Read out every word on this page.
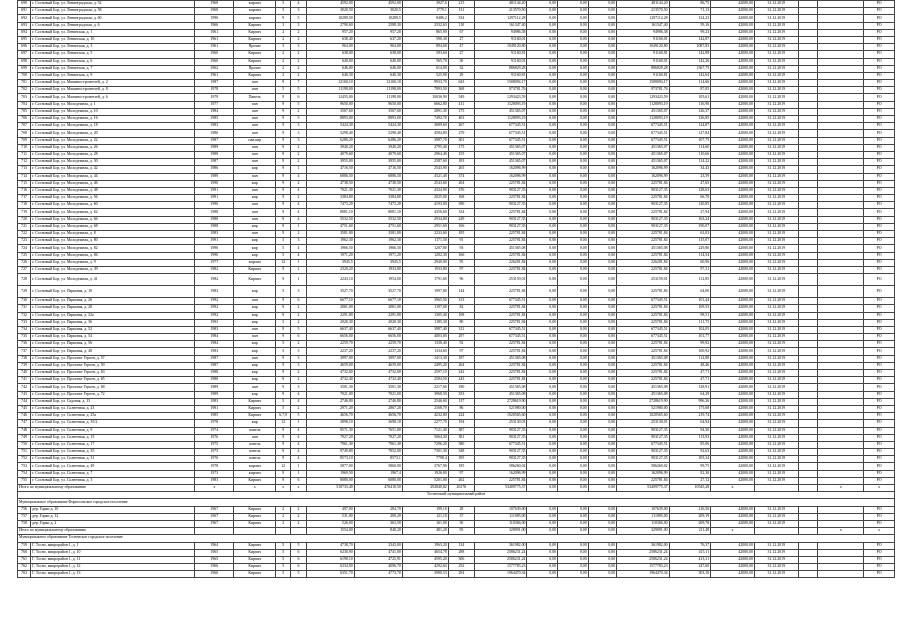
690	г. Сосновый Бор, ул. Ленинградская, д. 52	1968	кирпич	5	4	4592,00	4592,00	3927,6	215	481144,20	0,00	0,00	0,00	481144,20	86,75	42000,00	31.12.2019			РО
691	г. Сосновый Бор, ул. Ленинградская, д. 58	1968	кирпич	5	3	3020,50	3020,5	1779,1	131	213570,50	0,00	0,00	0,00	213570,50	71,13	42000,00	31.12.2019			РО
692	г. Сосновый Бор, ул. Ленинградская, д. 60	1990	кирпич	9	5	10289,50	10289,5	8486,2	534	1297112,28	0,00	0,00	0,00	1297112,28	124,23	42000,00	31.12.2019			РО
693	г. Сосновый Бор, ул. Ленинградская, д. 6	1966	Кирпич	3	3	2790,60	2588,30	2332,63	110	161347,40	0,00	0,00	0,00	161347,40	59,16	42000,00	31.12.2019			РО
694	г. Сосновый Бор, ул. Ленинская, д. 1	1961	Кирпич	2	2	957,20	957,20	865,90	67	94986,38	0,00	0,00	0,00	94986,38	99,23	42000,00	31.12.2019			РО
695	г. Сосновый Бор, ул. Ленинская, д. 10	1961	Кирпич	2	2	638,40	637,20	590,30	27	91160,01	0,00	0,00	0,00	91160,01	142,87	42000,00	31.12.2019			РО
696	г. Сосновый Бор, ул. Ленинская, д. 3	1961	Прочие	3	3	964,00	964,00	894,60	47	1049120,80	0,00	0,00	0,00	1049120,80	1087,83	42000,00	31.12.2019			РО
697	г. Сосновый Бор, ул. Ленинская, д. 5	1960	Кирпич	2	2	638,00	638,00	593,60	27	91160,81	0,00	0,00	0,00	91160,81	142,89	42000,00	31.12.2019			РО
698	г. Сосновый Бор, ул. Ленинская, д. 6	1960	Кирпич	2	2	640,00	640,00	565,70	30	91160,01	0,00	0,00	0,00	91160,01	142,26	42000,00	31.12.2019			РО
699	г. Сосновый Бор, ул. Ленинская, д. 7	1962	Прочие	2	2	646,00	646,00	614,00	32	886829,28	0,00	0,00	0,00	886829,28	1367,75	42000,00	31.12.2019			РО
700	г. Сосновый Бор, ул. Ленинская, д. 9	1961	Кирпич	2	2	640,30	640,30	525,90	29	91160,81	0,00	0,00	0,00	91160,81	142,64	42000,00	31.12.2019			РО
701	г. Сосновый Бор, ул. Машиностроителей, д. 2	1987	пан	9	7	12160,10	12160,10	9933,70	643	1508094,17	0,00	0,00	0,00	1508094,17	114,66	42000,00	31.12.2019			РО
702	г. Сосновый Бор, ул. Машиностроителей, д. 8	1978	пан	5	5	11198,00	11198,00	7893,50	368	973781,76	0,00	0,00	0,00	973781,76	87,05	42000,00	31.12.2019			РО
703	г. Сосновый Бор, ул. Машиностроителей, д. 6	1979	Панель	9	6	12455,00	11198,00	10036,90	549	1293423,59	0,00	0,00	0,00	1293423,59	105,61	42000,00	31.12.2019			РО
704	г. Сосновый Бор, ул. Молодежная, д. 1	1977	пан	9	5	9650,00	9650,00	6662,80	411	1128093,19	0,00	0,00	0,00	1128093,19	116,90	42000,00	31.12.2019			РО
705	г. Сосновый Бор, ул. Молодежная, д. 10	1984	пан	9	2	3567,60	3567,60	2891,30	175	451365,07	0,00	0,00	0,00	451365,07	126,37	42000,00	31.12.2019			РО
706	г. Сосновый Бор, ул. Молодежная, д. 16	1985	пан	9	5	8893,00	8893,00	7492,70	403	1128093,19	0,00	0,00	0,00	1128093,19	126,85	42000,00	31.12.2019			РО
707	г. Сосновый Бор, ул. Молодежная, д. 18	1983	пан	9	3	5424,30	5424,30	3689,60	267	677345,51	0,00	0,00	0,00	677345,51	124,87	42000,00	31.12.2019			РО
708	г. Сосновый Бор, ул. Молодежная, д. 20	1986	пан	9	3	5298,40	5298,40	4584,80	279	677345,51	0,00	0,00	0,00	677345,51	127,84	42000,00	31.12.2019			РО
709	г. Сосновый Бор, ул. Молодежная, д. 22	1987	пан,кир	9	3	6286,20	6286,20	3987,70	301	677345,51	0,00	0,00	0,00	677345,51	107,75	42000,00	31.12.2019			РО
710	г. Сосновый Бор, ул. Молодежная, д. 26	1989	пан	9	2	3940,20	3940,20	2795,40	175	451365,07	0,00	0,00	0,00	451365,07	114,60	42000,00	31.12.2019			РО
711	г. Сосновый Бор, ул. Молодежная, д. 28	1988	пан	9	2	4079,60	4079,60	2964,40	155	451365,07	0,00	0,00	0,00	451365,07	110,66	42000,00	31.12.2019			РО
712	г. Сосновый Бор, ул. Молодежная, д. 30	1987	пан	9	2	3955,00	3955,00	2587,60	183	451365,07	0,00	0,00	0,00	451365,07	114,22	42000,00	31.12.2019			РО
713	г. Сосновый Бор, ул. Молодежная, д. 42	1986	кир	9	1	4716,50	4716,50	2543,90	265	162096,99	0,00	0,00	0,00	162096,99	34,43	42000,00	31.12.2019			РО
714	г. Сосновый Бор, ул. Молодежная, д. 44	1989	пан	9	4	6886,50	6886,50	4321,40	374	162096,99	0,00	0,00	0,00	162096,99	23,59	42000,00	31.12.2019			РО
715	г. Сосновый Бор, ул. Молодежная, д. 46	1990	кир	9	2	4738,50	4738,50	2543,60	204	225781,84	0,00	0,00	0,00	225781,84	47,65	42000,00	31.12.2019			РО
716	г. Сосновый Бор, ул. Молодежная, д. 48	1991	пан	9	4	7021,30	7021,30	4324,90	376	903127,35	0,00	0,00	0,00	903127,35	128,63	42000,00	31.12.2019			РО
717	г. Сосновый Бор, ул. Молодежная, д. 56	1991	кир	9	2	3384,80	3384,80	2025,00	168	225781,84	0,00	0,00	0,00	225781,84	66,70	42000,00	31.12.2019			РО
718	г. Сосновый Бор, ул. Молодежная, д. 60	1990	пан	9	4	7473,20	7473,20	4193,00	390	903127,35	0,00	0,00	0,00	903127,35	120,85	42000,00	31.12.2019			РО
719	г. Сосновый Бор, ул. Молодежная, д. 62	1988	пан	9	4	8081,10	8081,10	4356,60	334	225781,84	0,00	0,00	0,00	225781,84	27,94	42000,00	31.12.2019			РО
720	г. Сосновый Бор, ул. Молодежная, д. 66	1988	пан	9	4	5532,50	5532,50	2934,80	249	903127,35	0,00	0,00	0,00	903127,35	163,24	42000,00	31.12.2019			РО
721	г. Сосновый Бор, ул. Молодежная, д. 68	1988	кир	9	1	4751,60	4751,60	2951,60	166	903127,35	0,00	0,00	0,00	903127,35	190,07	42000,00	31.12.2019			РО
722	г. Сосновый Бор, ул. Молодежная, д. 8	1983	пан	9	2	3581,80	3581,80	2233,60	185	225781,84	0,00	0,00	0,00	225781,84	63,03	42000,00	31.12.2019			РО
723	г. Сосновый Бор, ул. Молодежная, д. 80	1991	кир	5	3	1962,30	1962,30	1171,50	91	225781,84	0,00	0,00	0,00	225781,84	115,07	42000,00	31.12.2019			РО
724	г. Сосновый Бор, ул. Молодежная, д. 82	1990	кир	5	4	1966,50	1966,50	1207,80	93	451365,08	0,00	0,00	0,00	451365,08	229,86	42000,00	31.12.2019			РО
725	г. Сосновый Бор, ул. Молодежная, д. 84	1990	кир	5	4	1971,20	1971,20	1202,30	166	225781,84	0,00	0,00	0,00	225781,84	114,54	42000,00	31.12.2019			РО
726	г. Сосновый Бор, ул. Молодежная, д. 9	1977	кирпич	12	1	3945,5	3945,5	2940,00	95	226281,84	0,00	0,00	0,00	226281,84	60,96	42000,00	31.12.2019			РО
727	г. Сосновый Бор, ул. Молодежная, д. 39	1982	Кирпич	9	1	2320,20	1933,80	1933,80	97	225781,84	0,00	0,00	0,00	225781,84	97,31	42000,00	31.12.2019			РО
728	г. Сосновый Бор, ул. Молодежная, д. 41	1982	Кирпич	9	1	2243,10	1954,00	1791,60	96	253159,01	0,00	0,00	0,00	253159,01	112,85	42000,00	31.12.2019			РО
729	г. Сосновый Бор, ул. Парковая, д. 10	1983	кир	5	3	3527,70	3527,70	1997,80	144	225781,84	0,00	0,00	0,00	225781,84	64,00	42000,00	31.12.2019			РО
730	г. Сосновый Бор, ул. Парковая, д. 26	1992	пан	9	6	6677,10	6677,10	3965,50	313	677345,51	0,00	0,00	0,00	677345,51	101,44	42000,00	31.12.2019			РО
731	г. Сосновый Бор, ул. Парковая, д. 28	1992	кир	9	2	2061,00	2061,00	1197,00	82	225781,84	0,00	0,00	0,00	225781,84	109,55	42000,00	31.12.2019			РО
732	г. Сосновый Бор, ул. Парковая, д. 32а	1992	кир	9	2	2291,80	2291,80	1305,40	108	225781,84	0,00	0,00	0,00	225781,84	98,51	42000,00	31.12.2019			РО
733	г. Сосновый Бор, ул. Парковая, д. 36	1993	кир	5	2	2020,30	2020,30	1185,30	80	225781,84	0,00	0,00	0,00	225781,84	111,75	42000,00	31.12.2019			РО
734	г. Сосновый Бор, ул. Парковая, д. 52	1983	пан	9	5	6637,40	6637,40	3987,40	311	677345,51	0,00	0,00	0,00	677345,51	102,05	42000,00	31.12.2019			РО
735	г. Сосновый Бор, ул. Парковая, д. 54	1984	пан	9	6	6656,00	6656,00	4003,00	297	677345,51	0,00	0,00	0,00	677345,51	101,77	42000,00	31.12.2019			РО
736	г. Сосновый Бор, ул. Парковая, д. 56	1984	кир	5	2	2259,70	2259,70	1338,40	92	225781,84	0,00	0,00	0,00	225781,84	99,92	42000,00	31.12.2019			РО
737	г. Сосновый Бор, ул. Парковая, д. 48	1983	кир	5	3	2237,20	2237,20	1334,60	97	225781,84	0,00	0,00	0,00	225781,84	100,92	42000,00	31.12.2019			РО
738	г. Сосновый Бор, ул. Проспект Героев, д. 57	1987	пан	9	3	3997,00	3997,00	2413,30	187	451365,08	0,00	0,00	0,00	451365,08	112,88	42000,00	31.12.2019			РО
739	г. Сосновый Бор, ул. Проспект Героев, д. 59	1987	кир	9	3	4659,00	4659,00	2495,20	264	225781,84	0,00	0,00	0,00	225781,84	48,46	42000,00	31.12.2019			РО
740	г. Сосновый Бор, ул. Проспект Героев, д. 63	1988	кир	9	2	4732,00	4732,00	2597,10	242	225781,84	0,00	0,00	0,00	225781,84	47,71	42000,00	31.12.2019			РО
741	г. Сосновый Бор, ул. Проспект Героев, д. 65	1988	кир	9	2	4732,40	4732,40	2584,50	243	225781,84	0,00	0,00	0,00	225781,84	47,71	42000,00	31.12.2019			РО
742	г. Сосновый Бор, ул. Проспект Героев, д. 68	1989	пан	9	3	3501,30	3501,30	2217,60	180	451365,08	0,00	0,00	0,00	451365,08	128,91	42000,00	31.12.2019			РО
743	г. Сосновый Бор, ул. Проспект Героев, д. 72	1989	кир	9	4	7021,00	7021,00	3968,50	353	451365,08	0,00	0,00	0,00	451365,08	64,29	42000,00	31.12.2019			РО
744	г. Сосновый Бор, ул. Садовая, д. 13	1983	Кирпич	5	4	2746,80	2746,80	2546,60	137	2728619,90	0,00	0,00	0,00	2728619,90	996,36	42000,00	31.12.2019			РО
745	г. Сосновый Бор, ул. Солнечная, д. 23	1991	Кирпич	5	2	2971,20	2867,20	2168,70	86	521980,00	0,00	0,00	0,00	521980,00	175,68	42000,00	31.12.2019			РО
746	г. Сосновый Бор, ул. Солнечная, д. 25а	1985	Кирпич	6,7,9	5	4656,70	4656,70	4232,80	224	1020565,60	0,00	0,00	0,00	1020565,60	219,74	42000,00	31.12.2019			РО
747	г. Сосновый Бор, ул. Солнечная, д. 35/2	1978	кир	12	1	3898,10	3698,10	2277,70	194	253130,01	0,00	0,00	0,00	253130,01	64,94	42000,00	31.12.2019			РО
748	г. Сосновый Бор, ул. Солнечная, д. 9	1974	панель	9	4	9571,30	7651,80	7121,40	387	903127,35	0,00	0,00	0,00	903127,35	94,36	42000,00	31.12.2019			РО
749	г. Сосновый Бор, ул. Солнечная, д. 15	1976	пан	9	4	7927,20	7927,20	5064,30	381	903127,35	0,00	0,00	0,00	903127,35	113,93	42000,00	31.12.2019			РО
750	г. Сосновый Бор, ул. Солнечная, д. 17	1975	панель	9	4	7961,30	7961,30	7296,20	380	677345,51	0,00	0,00	0,00	677345,51	85,06	42000,00	31.12.2019			РО
751	г. Сосновый Бор, ул. Солнечная, д. 35	1975	панель	9	4	9749,80	7852,00	7301,30	348	903127,35	0,00	0,00	0,00	903127,35	92,63	42000,00	31.12.2019			РО
752	г. Сосновый Бор, ул. Солнечная, д. 31	1976	панель	9	4	8573,10	8573,1	7798,4	395	903127,35	0,00	0,00	0,00	903127,35	105,34	42000,00	31.12.2019			РО
753	г. Сосновый Бор, ул. Солнечная, д. 49	1978	кирпич	12	1	5877,00	5860,00	3767,90	185	586260,02	0,00	0,00	0,00	586260,02	99,75	42000,00	31.12.2019			РО
754	г. Сосновый Бор, ул. Солнечная, д. 7	1973	кирпич	9	1	1969,50	1967,4	1926,00	97	162096,99	0,00	0,00	0,00	162096,99	82,30	42000,00	31.12.2019			РО
755	г. Сосновый Бор, ул. Солнечная, д. 3	1983	Кирпич	9	6	8080,00	6080,00	5201,00	262	225781,84	0,00	0,00	0,00	225781,84	27,12	42000,00	31.12.2019			РО
Итого по муниципальному образованию		х	х	х	х	510733,40	476410,50	292840,82	26176	53409775,37	0,00	0,00	0,00	53409775,37	10545,28	х			х	х
Тосненский муниципальный район																				
Муниципальное образование Форносовское городское поселение																				
756	дер. Горки д. 10	1967	Кирпич	2	2	497,00	284,70	199,10	28	107639,00	0,00	0,00	0,00	107639,00	216,56	42000,00	31.12.2019			РО
757	дер. Горки д. 12	1967	Кирпич	2	2	531,00	200,20	121,10	37	111085,00	0,00	0,00	0,00	111085,00	209,19	42000,00	31.12.2019			РО
758	дер. Горки д. 2	1967	Кирпич	2	2	526,00	363,50	161,00	30	110366,00	0,00	0,00	0,00	110366,00	209,78	42000,00	31.12.2019			РО
Итого по муниципальному образованию						1554,00	848,20	481,20	95	329091,00	0,00	0,00	0,00	329091,00	211,48	х			х	х
Муниципальное образование Тосненское городское поселение																				
759	Г. Тосно, микрорайон 1, д. 1	1964	Кирпич	5	5	4738,70	2343,00	1963,20	134	361982,00	0,00	0,00	0,00	361982,00	76,37	42000,00	31.12.2019			РО
760	Г. Тосно, микрорайон 1, д. 10	1965	Кирпич	5	6	6230,90	4741,00	4654,78	288	2586231,24	0,00	0,00	0,00	2586231,24	415,11	42000,00	31.12.2019			РО
761	Г. Тосно, микрорайон 1, д. 11	1965	Кирпич	5	6	6198,10	4725,91	4595,20	306	2586231,24	0,00	0,00	0,00	2586231,24	413,31	42000,00	31.12.2019			РО
762	Г. Тосно, микрорайон 1, д. 12	1966	Кирпич	5	6	6334,90	4096,70	4292,64	252	1577783,23	0,00	0,00	0,00	1577783,23	247,60	42000,00	31.12.2019			РО
763	Г. Тосно, микрорайон 1, д. 13	1966	Кирпич	5	5	6351,70	4773,70	3980,53	294	1964470,34	0,00	0,00	0,00	1964470,34	303,10	42000,00	31.12.2019			РО
